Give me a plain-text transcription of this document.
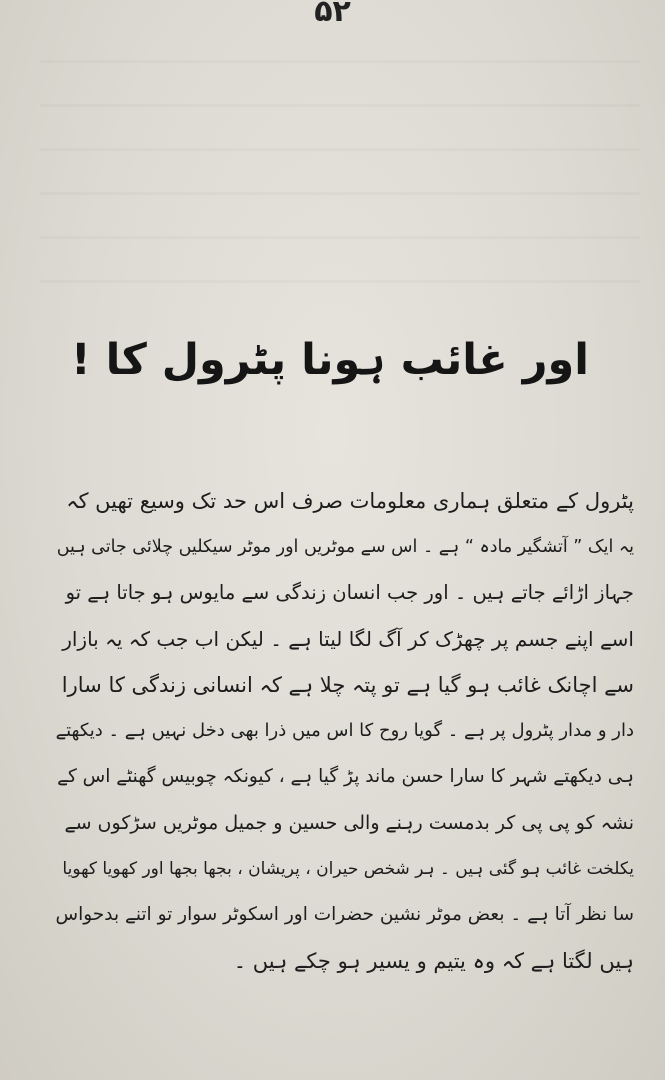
۵۲
اور غائب ہونا پٹرول کا !
پٹرول کے متعلق ہماری معلومات صرف اس حد تک وسیع تھیں کہ
یہ ایک ” آتشگیر مادہ “ ہے ۔ اس سے موٹریں اور موٹر سیکلیں چلائی جاتی ہیں
جہاز اڑائے جاتے ہیں ۔ اور جب انسان زندگی سے مایوس ہو جاتا ہے تو
اسے اپنے جسم پر چھڑک کر آگ لگا لیتا ہے ۔ لیکن اب جب کہ یہ بازار
سے اچانک غائب ہو گیا ہے تو پتہ چلا ہے کہ انسانی زندگی کا سارا
دار و مدار پٹرول پر ہے ۔ گویا روح کا اس میں ذرا بھی دخل نہیں ہے ۔ دیکھتے
ہی دیکھتے شہر کا سارا حسن ماند پڑ گیا ہے ، کیونکہ چوبیس گھنٹے اس کے
نشہ کو پی پی کر بدمست رہنے والی حسین و جمیل موٹریں سڑکوں سے
یکلخت غائب ہو گئی ہیں ۔ ہر شخص حیران ، پریشان ، بجھا بجھا اور کھویا کھویا
سا نظر آتا ہے ۔ بعض موٹر نشین حضرات اور اسکوٹر سوار تو اتنے بدحواس
ہیں لگتا ہے کہ وہ یتیم و یسیر ہو چکے ہیں ۔
